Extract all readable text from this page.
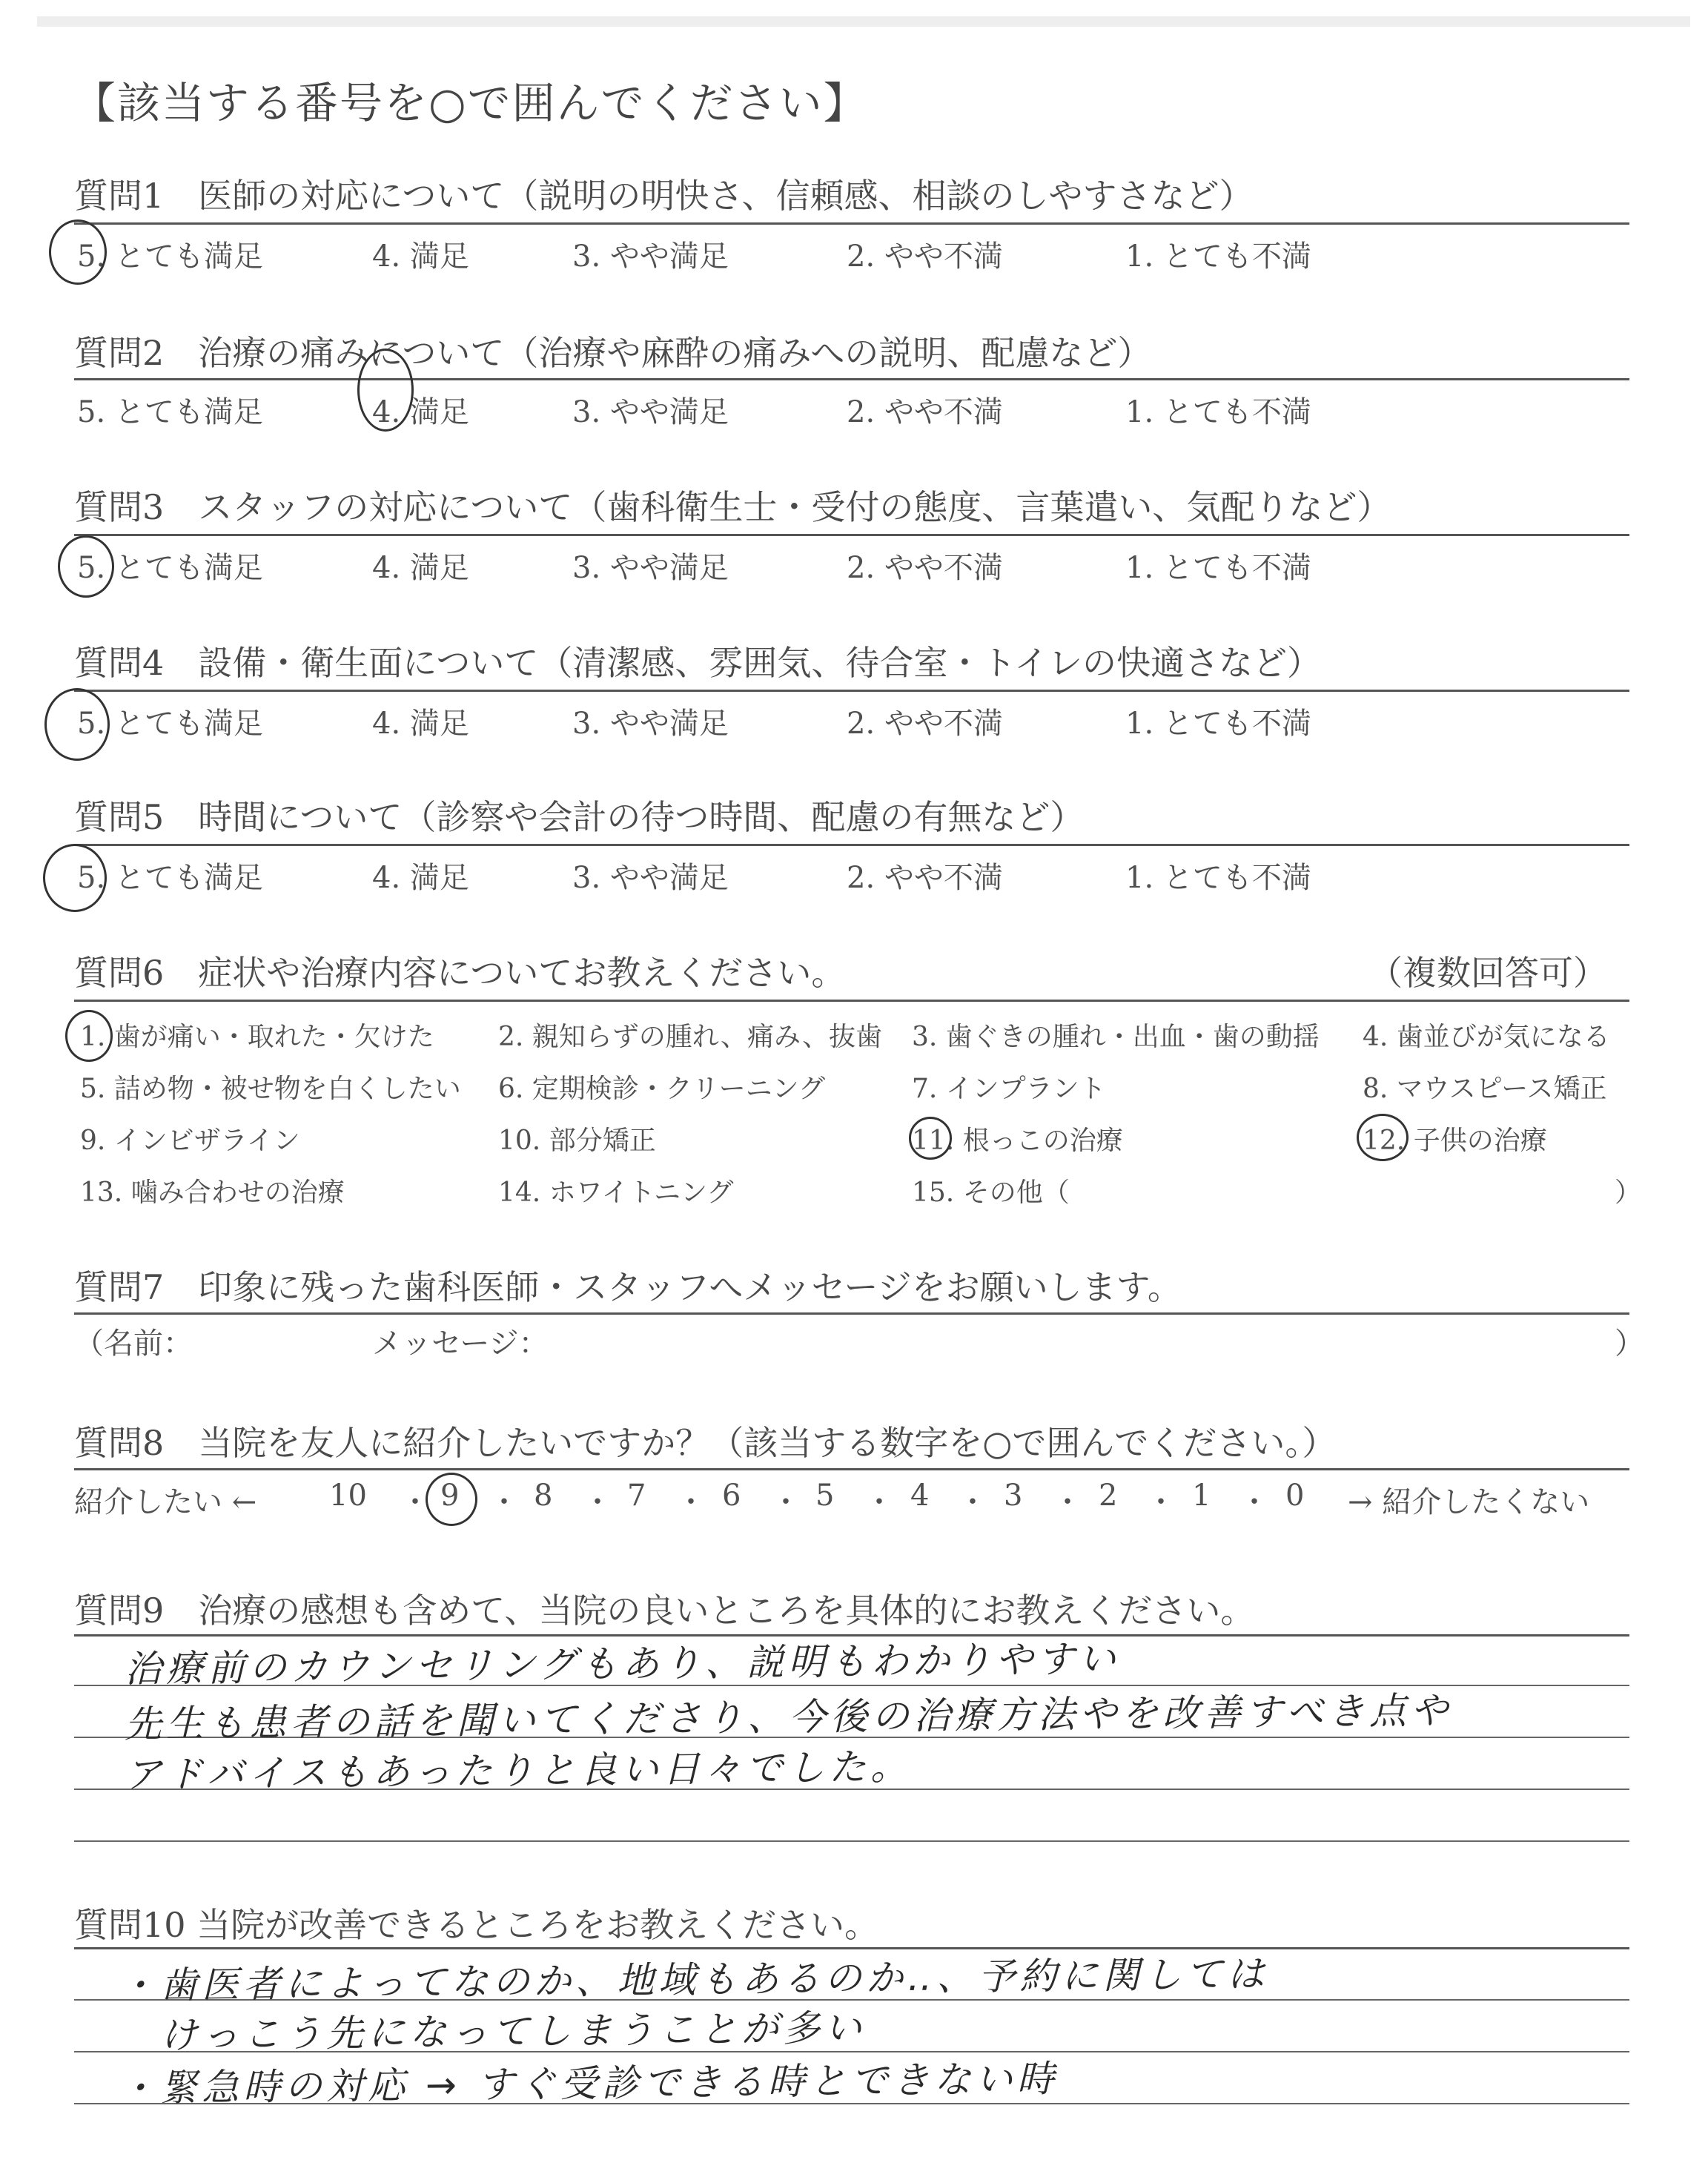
【該当する番号を○で囲んでください】
質問1　医師の対応について（説明の明快さ、信頼感、相談のしやすさなど）
5. とても満足	4. 満足	3. やや満足	2. やや不満	1. とても不満
質問2　治療の痛みについて（治療や麻酔の痛みへの説明、配慮など）
5. とても満足	4. 満足	3. やや満足	2. やや不満	1. とても不満
質問3　スタッフの対応について（歯科衛生士・受付の態度、言葉遣い、気配りなど）
5. とても満足	4. 満足	3. やや満足	2. やや不満	1. とても不満
質問4　設備・衛生面について（清潔感、雰囲気、待合室・トイレの快適さなど）
5. とても満足	4. 満足	3. やや満足	2. やや不満	1. とても不満
質問5　時間について（診察や会計の待つ時間、配慮の有無など）
5. とても満足	4. 満足	3. やや満足	2. やや不満	1. とても不満
質問6　症状や治療内容についてお教えください。	（複数回答可）
1. 歯が痛い・取れた・欠けた 2. 親知らずの腫れ、痛み、抜歯 3. 歯ぐきの腫れ・出血・歯の動揺 4. 歯並びが気になる
5. 詰め物・被せ物を白くしたい 6. 定期検診・クリーニング	7. インプラント	8. マウスピース矯正
9. インビザライン	10. 部分矯正	11. 根っこの治療	12. 子供の治療
13. 噛み合わせの治療	14. ホワイトニング	15. その他（	）
質問7　印象に残った歯科医師・スタッフへメッセージをお願いします。
（名前：	メッセージ：	）
質問8　当院を友人に紹介したいですか？（該当する数字を○で囲んでください。）
紹介したい ← 10 ・ 9 ・ 8 ・ 7 ・ 6 ・ 5 ・ 4 ・ 3 ・ 2 ・ 1 ・ 0 → 紹介したくない
質問9　治療の感想も含めて、当院の良いところを具体的にお教えください。
治療前のカウンセリングもあり、説明もわかりやすい
先生も患者の話を聞いてくださり、今後の治療方法やを改善すべき点や
アドバイスもあったりと良い日々でした。
質問10 当院が改善できるところをお教えください。
・歯医者によってなのか、地域もあるのか‥、予約に関しては
　けっこう先になってしまうことが多い
・緊急時の対応 → すぐ受診できる時とできない時
